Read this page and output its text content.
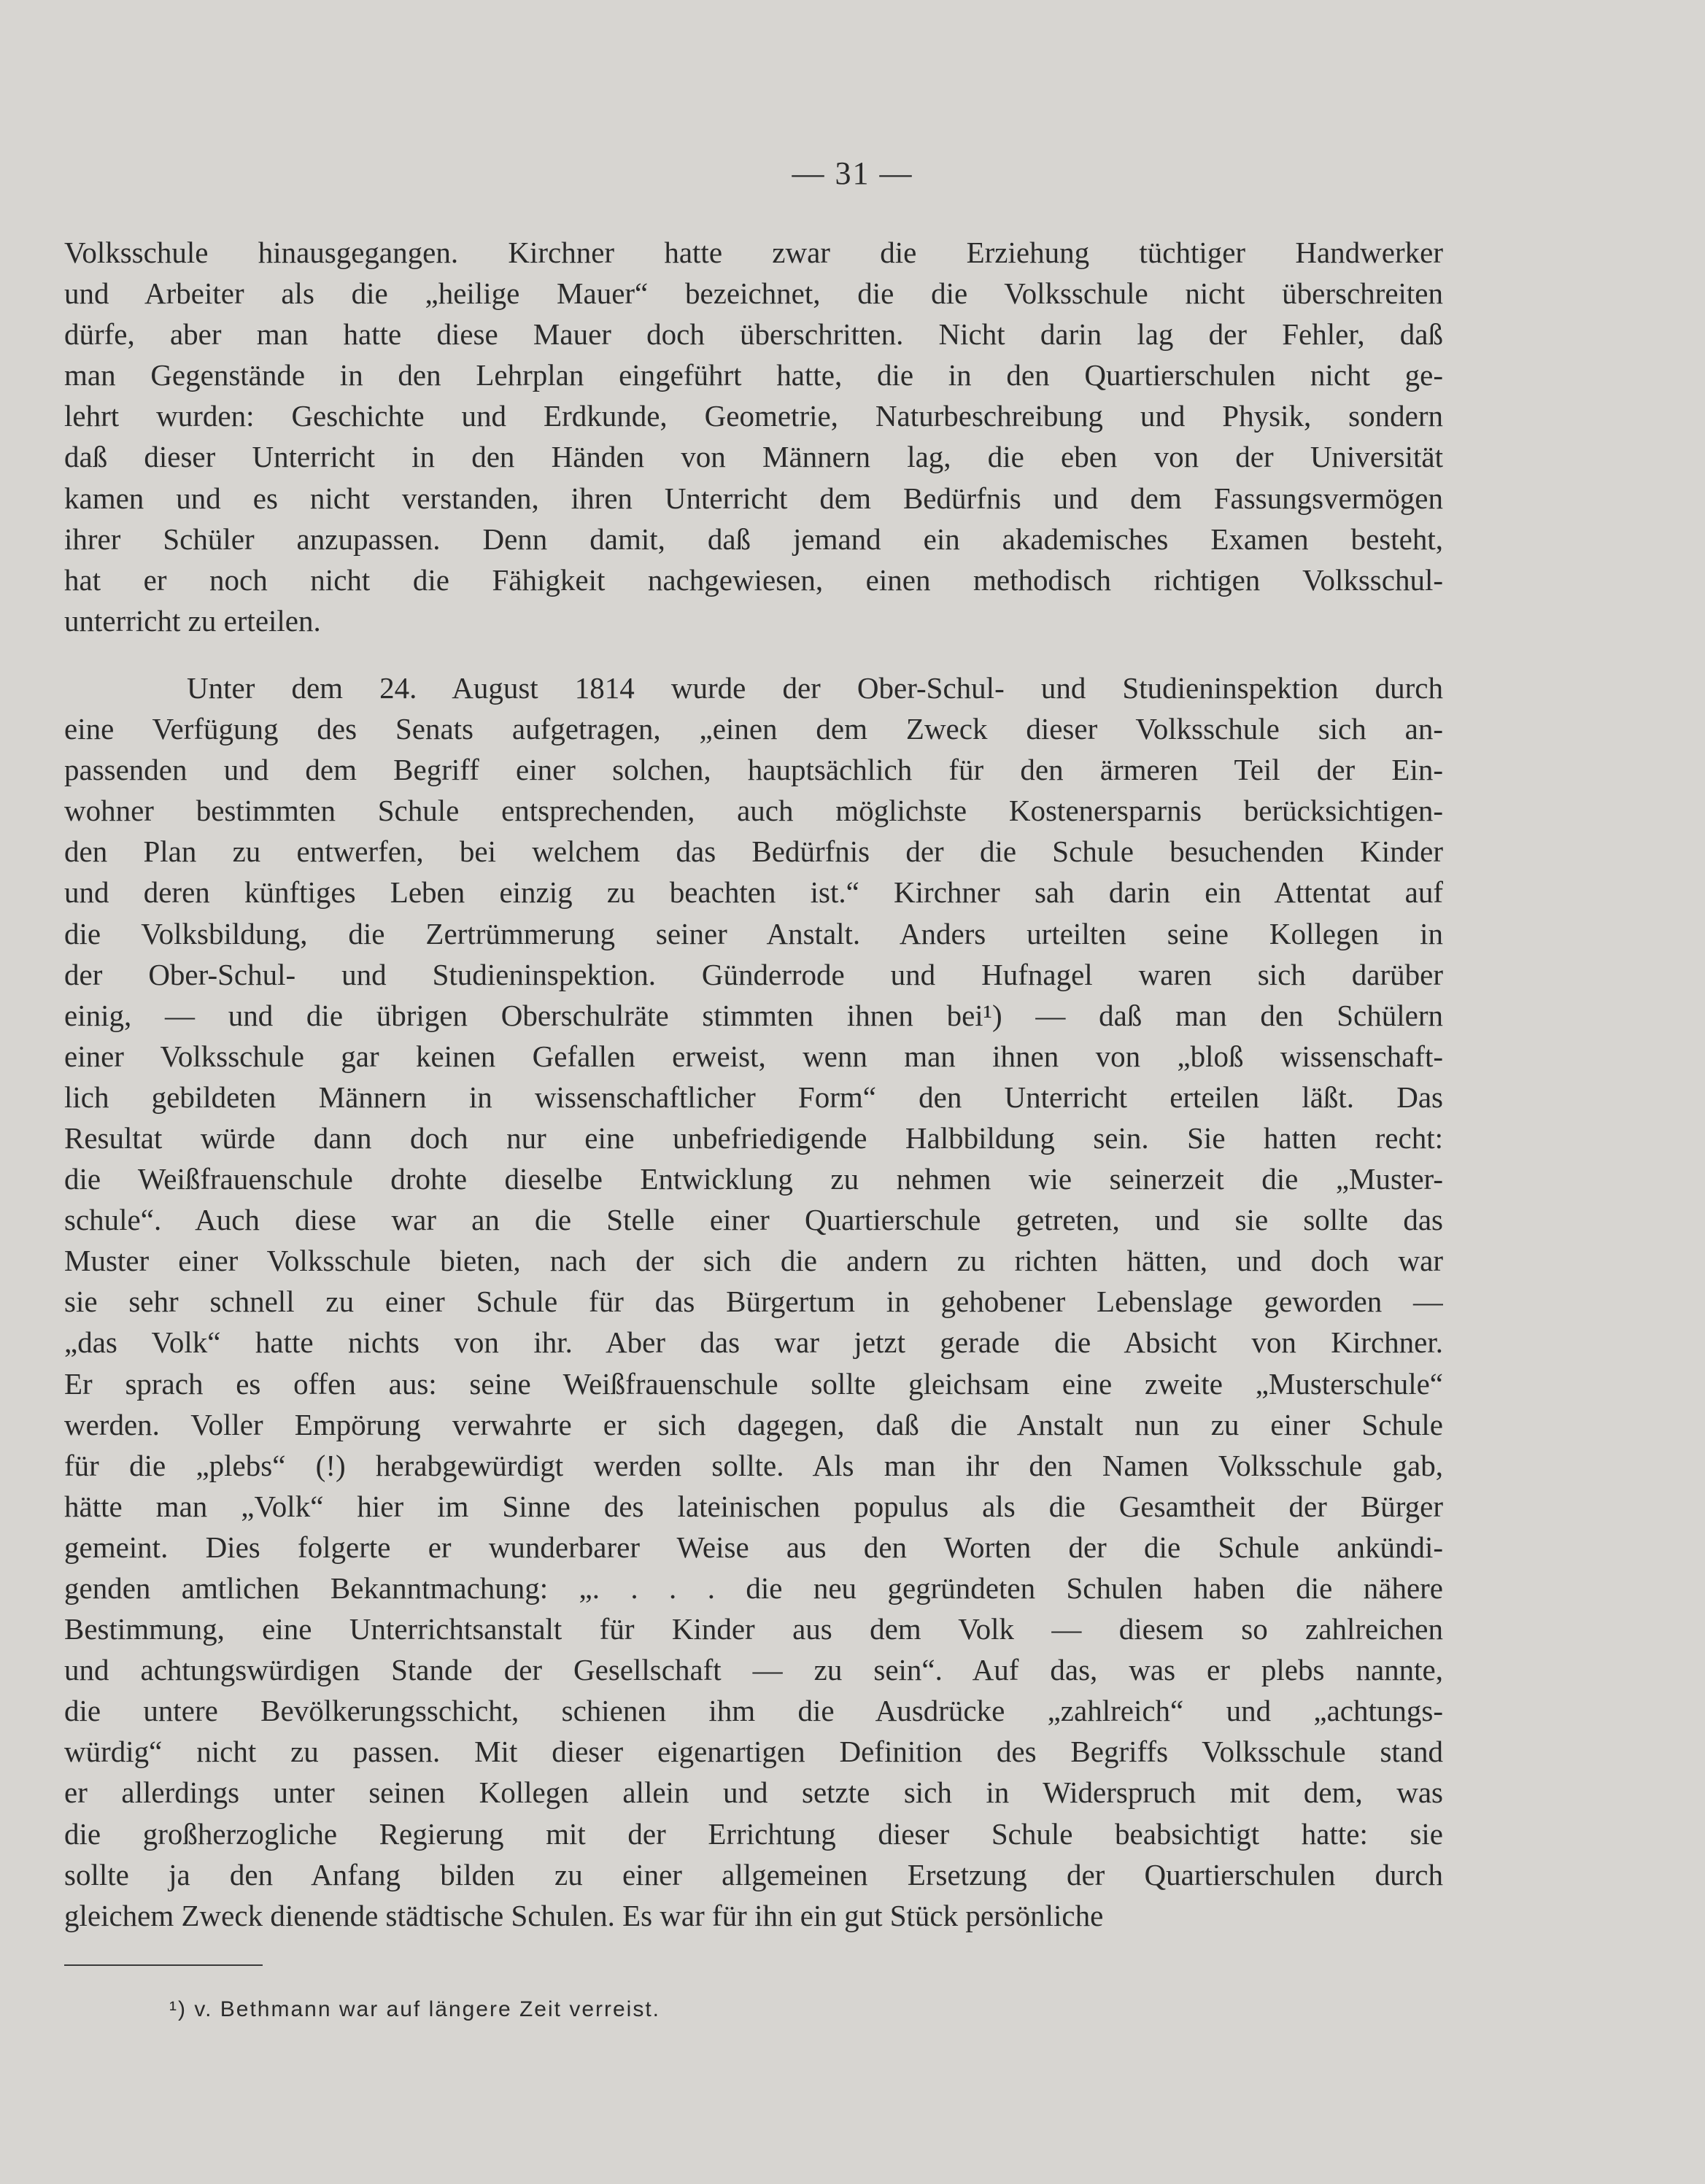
— 31 —
Volksschule hinausgegangen. Kirchner hatte zwar die Erziehung tüchtiger Handwerker
und Arbeiter als die „heilige Mauer“ bezeichnet, die die Volksschule nicht überschreiten
dürfe, aber man hatte diese Mauer doch überschritten. Nicht darin lag der Fehler, daß
man Gegenstände in den Lehrplan eingeführt hatte, die in den Quartierschulen nicht ge-
lehrt wurden: Geschichte und Erdkunde, Geometrie, Naturbeschreibung und Physik, sondern
daß dieser Unterricht in den Händen von Männern lag, die eben von der Universität
kamen und es nicht verstanden, ihren Unterricht dem Bedürfnis und dem Fassungsvermögen
ihrer Schüler anzupassen. Denn damit, daß jemand ein akademisches Examen besteht,
hat er noch nicht die Fähigkeit nachgewiesen, einen methodisch richtigen Volksschul-
unterricht zu erteilen.
Unter dem 24. August 1814 wurde der Ober-Schul- und Studieninspektion durch
eine Verfügung des Senats aufgetragen, „einen dem Zweck dieser Volksschule sich an-
passenden und dem Begriff einer solchen, hauptsächlich für den ärmeren Teil der Ein-
wohner bestimmten Schule entsprechenden, auch möglichste Kostenersparnis berücksichtigen-
den Plan zu entwerfen, bei welchem das Bedürfnis der die Schule besuchenden Kinder
und deren künftiges Leben einzig zu beachten ist.“ Kirchner sah darin ein Attentat auf
die Volksbildung, die Zertrümmerung seiner Anstalt. Anders urteilten seine Kollegen in
der Ober-Schul- und Studieninspektion. Günderrode und Hufnagel waren sich darüber
einig, — und die übrigen Oberschulräte stimmten ihnen bei¹) — daß man den Schülern
einer Volksschule gar keinen Gefallen erweist, wenn man ihnen von „bloß wissenschaft-
lich gebildeten Männern in wissenschaftlicher Form“ den Unterricht erteilen läßt. Das
Resultat würde dann doch nur eine unbefriedigende Halbbildung sein. Sie hatten recht:
die Weißfrauenschule drohte dieselbe Entwicklung zu nehmen wie seinerzeit die „Muster-
schule“. Auch diese war an die Stelle einer Quartierschule getreten, und sie sollte das
Muster einer Volksschule bieten, nach der sich die andern zu richten hätten, und doch war
sie sehr schnell zu einer Schule für das Bürgertum in gehobener Lebenslage geworden —
„das Volk“ hatte nichts von ihr. Aber das war jetzt gerade die Absicht von Kirchner.
Er sprach es offen aus: seine Weißfrauenschule sollte gleichsam eine zweite „Musterschule“
werden. Voller Empörung verwahrte er sich dagegen, daß die Anstalt nun zu einer Schule
für die „plebs“ (!) herabgewürdigt werden sollte. Als man ihr den Namen Volksschule gab,
hätte man „Volk“ hier im Sinne des lateinischen populus als die Gesamtheit der Bürger
gemeint. Dies folgerte er wunderbarer Weise aus den Worten der die Schule ankündi-
genden amtlichen Bekanntmachung: „. . . . die neu gegründeten Schulen haben die nähere
Bestimmung, eine Unterrichtsanstalt für Kinder aus dem Volk — diesem so zahlreichen
und achtungswürdigen Stande der Gesellschaft — zu sein“. Auf das, was er plebs nannte,
die untere Bevölkerungsschicht, schienen ihm die Ausdrücke „zahlreich“ und „achtungs-
würdig“ nicht zu passen. Mit dieser eigenartigen Definition des Begriffs Volksschule stand
er allerdings unter seinen Kollegen allein und setzte sich in Widerspruch mit dem, was
die großherzogliche Regierung mit der Errichtung dieser Schule beabsichtigt hatte: sie
sollte ja den Anfang bilden zu einer allgemeinen Ersetzung der Quartierschulen durch
gleichem Zweck dienende städtische Schulen. Es war für ihn ein gut Stück persönliche
¹) v. Bethmann war auf längere Zeit verreist.
